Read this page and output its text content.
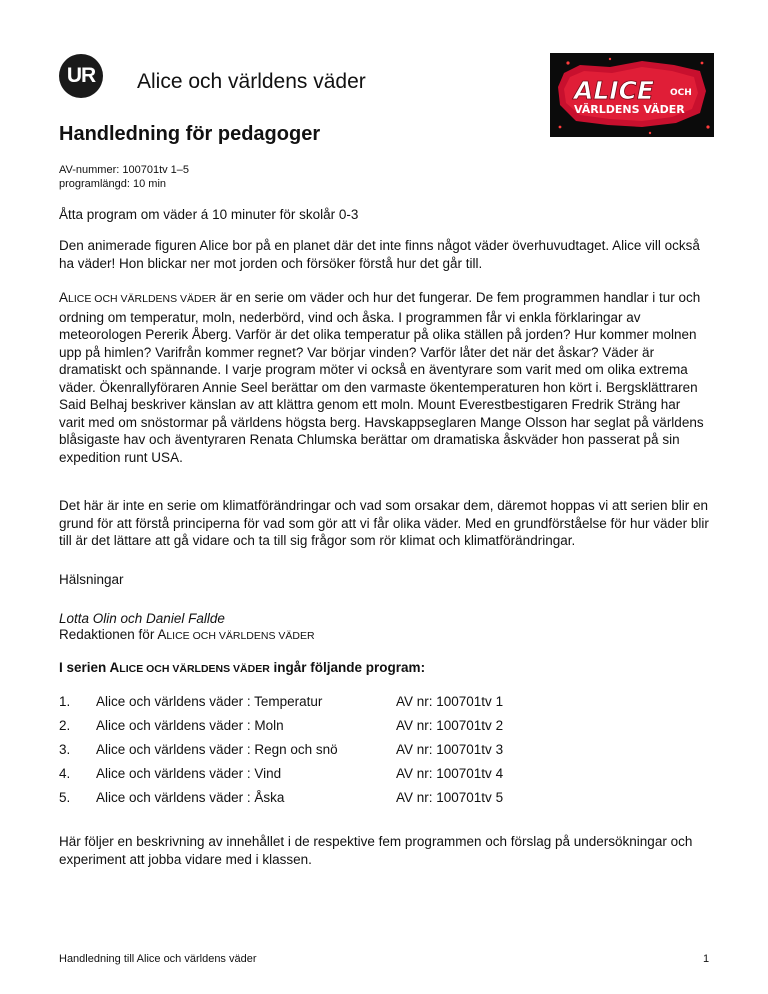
UR Alice och världens väder	ALICE OCH
VÄRLDENS VÄDER
Handledning för pedagoger
AV-nummer: 100701tv 1–5
programlängd: 10 min
Åtta program om väder á 10 minuter för skolår 0-3
Den animerade figuren Alice bor på en planet där det inte finns något väder överhuvudtaget. Alice vill också ha väder! Hon blickar ner mot jorden och försöker förstå hur det går till.
ALICE OCH VÄRLDENS VÄDER är en serie om väder och hur det fungerar. De fem programmen handlar i tur och ordning om temperatur, moln, nederbörd, vind och åska. I programmen får vi enkla förklaringar av meteorologen Pererik Åberg. Varför är det olika temperatur på olika ställen på jorden? Hur kommer molnen upp på himlen? Varifrån kommer regnet? Var börjar vinden? Varför låter det när det åskar? Väder är dramatiskt och spännande. I varje program möter vi också en äventyrare som varit med om olika extrema väder. Ökenrallyföraren Annie Seel berättar om den varmaste ökentemperaturen hon kört i. Bergsklättraren Said Belhaj beskriver känslan av att klättra genom ett moln. Mount Everestbestigaren Fredrik Sträng har varit med om snöstormar på världens högsta berg. Havskappseglaren Mange Olsson har seglat på världens blåsigaste hav och äventyraren Renata Chlumska berättar om dramatiska åskväder hon passerat på sin expedition runt USA.
Det här är inte en serie om klimatförändringar och vad som orsakar dem, däremot hoppas vi att serien blir en grund för att förstå principerna för vad som gör att vi får olika väder. Med en grundförståelse för hur väder blir till är det lättare att gå vidare och ta till sig frågor som rör klimat och klimatförändringar.
Hälsningar
Lotta Olin och Daniel Fallde
Redaktionen för ALICE OCH VÄRLDENS VÄDER
I serien ALICE OCH VÄRLDENS VÄDER ingår följande program:
1. Alice och världens väder : Temperatur	AV nr: 100701tv 1
2. Alice och världens väder : Moln	AV nr: 100701tv 2
3. Alice och världens väder : Regn och snö	AV nr: 100701tv 3
4. Alice och världens väder : Vind	AV nr: 100701tv 4
5. Alice och världens väder : Åska	AV nr: 100701tv 5
Här följer en beskrivning av innehållet i de respektive fem programmen och förslag på undersökningar och experiment att jobba vidare med i klassen.
Handledning till Alice och världens väder	1
